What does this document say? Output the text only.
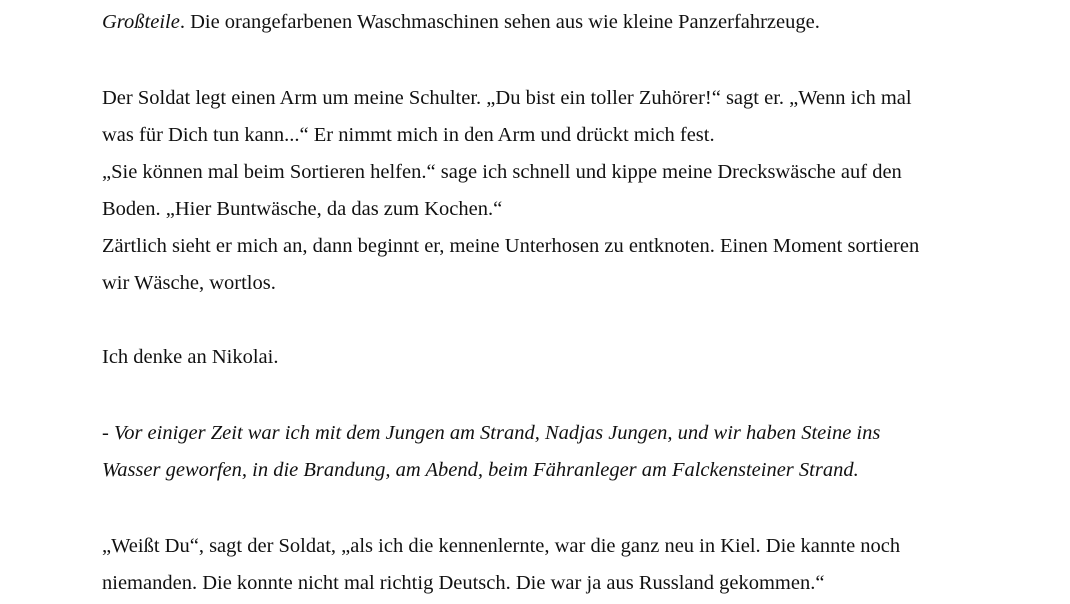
Großteile. Die orangefarbenen Waschmaschinen sehen aus wie kleine Panzerfahrzeuge.
Der Soldat legt einen Arm um meine Schulter. „Du bist ein toller Zuhörer!“ sagt er. „Wenn ich mal
was für Dich tun kann...“ Er nimmt mich in den Arm und drückt mich fest.
„Sie können mal beim Sortieren helfen.“ sage ich schnell und kippe meine Dreckswäsche auf den
Boden. „Hier Buntwäsche, da das zum Kochen.“
Zärtlich sieht er mich an, dann beginnt er, meine Unterhosen zu entknoten. Einen Moment sortieren
wir Wäsche, wortlos.
Ich denke an Nikolai.
- Vor einiger Zeit war ich mit dem Jungen am Strand, Nadjas Jungen, und wir haben Steine ins
Wasser geworfen, in die Brandung, am Abend, beim Fähranleger am Falckensteiner Strand.
„Weißt Du“, sagt der Soldat, „als ich die kennenlernte, war die ganz neu in Kiel. Die kannte noch
niemanden. Die konnte nicht mal richtig Deutsch. Die war ja aus Russland gekommen.“
